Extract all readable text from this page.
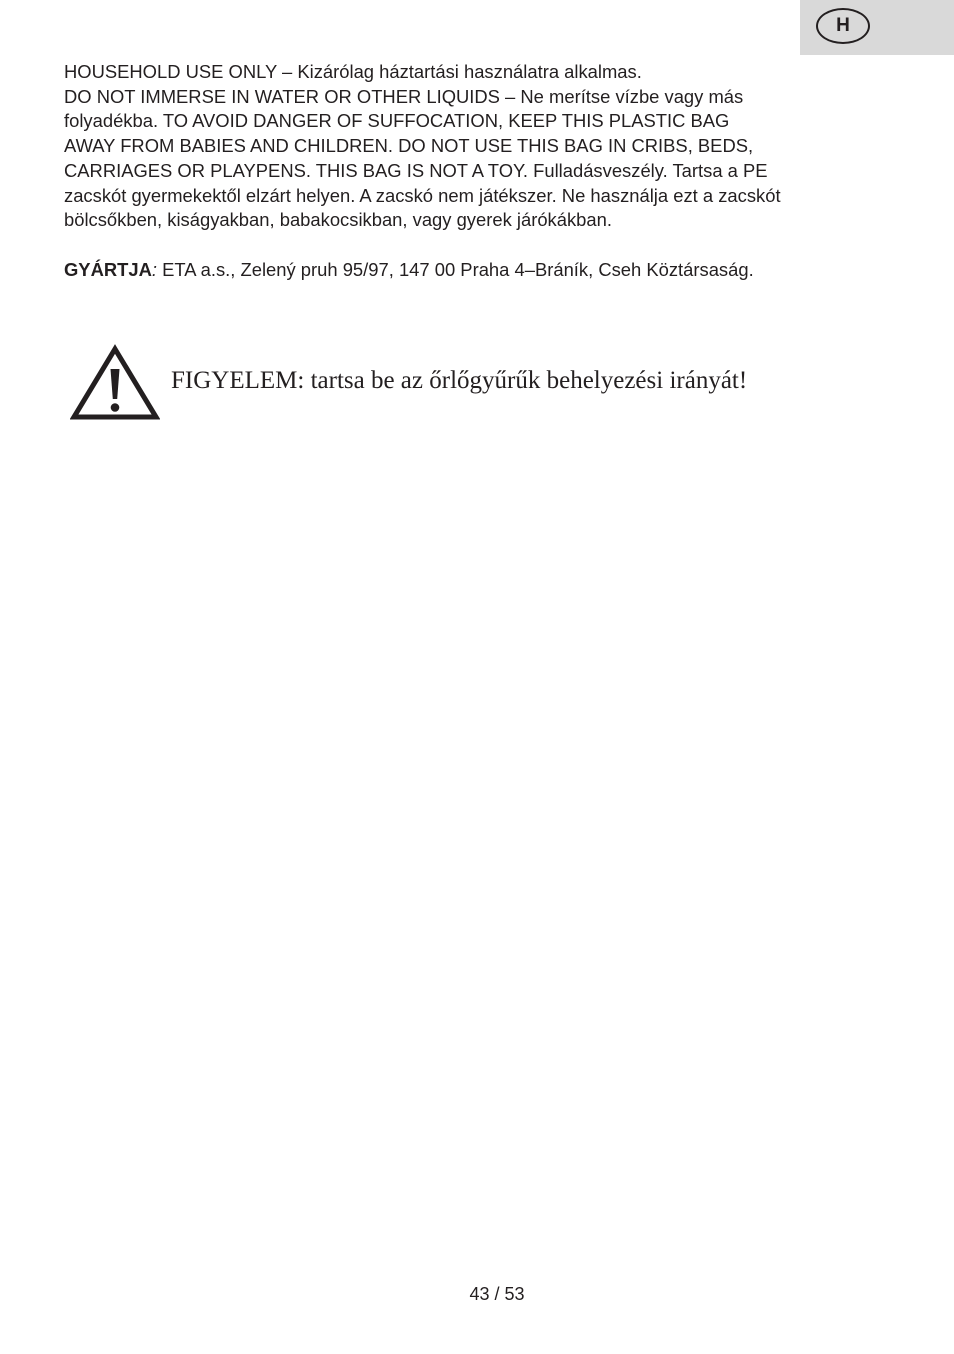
H

HOUSEHOLD USE ONLY – Kizárólag háztartási használatra alkalmas.

DO NOT IMMERSE IN WATER OR OTHER LIQUIDS – Ne merítse vízbe vagy más

folyadékba. TO AVOID DANGER OF SUFFOCATION, KEEP THIS PLASTIC BAG

AWAY FROM BABIES AND CHILDREN. DO NOT USE THIS BAG IN CRIBS, BEDS,

CARRIAGES OR PLAYPENS. THIS BAG IS NOT A TOY. Fulladásveszély. Tartsa a PE

zacskót gyermekektől elzárt helyen. A zacskó nem játékszer. Ne használja ezt a zacskót

bölcsőkben, kiságyakban, babakocsikban, vagy gyerek járókákban.

GYÁRTJA: ETA a.s., Zelený pruh 95/97, 147 00 Praha 4–Bráník, Cseh Köztársaság.

FIGYELEM: tartsa be az őrlőgyűrűk behelyezési irányát!
43 / 53
